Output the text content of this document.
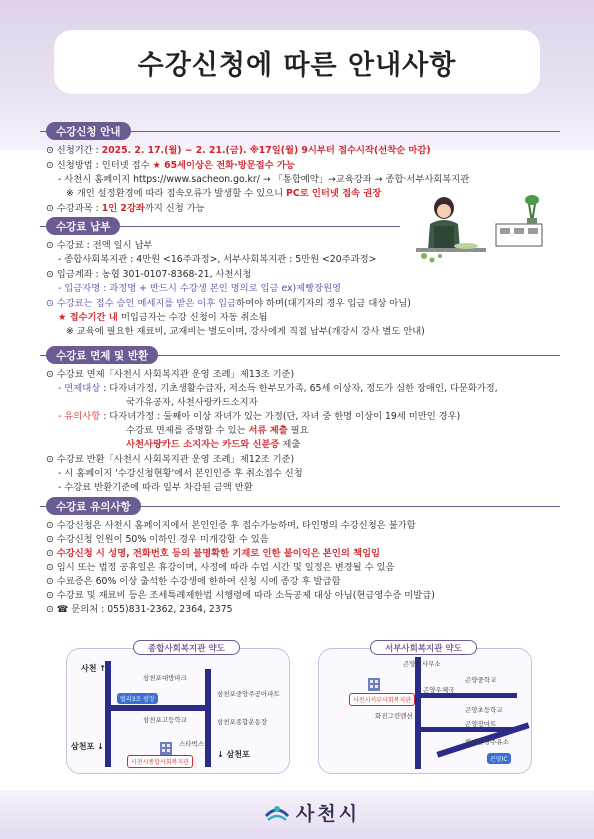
수강신청에 따른 안내사항
수강신청 안내
⊙ 신청기간 : 2025. 2. 17.(월) ~ 2. 21.(금). ※17일(월) 9시부터 접수시작(선착순 마감)
⊙ 신청방법 : 인터넷 접수 ★ 65세이상은 전화·방문접수 가능
- 사천시 홈페이지 https://www.sacheon.go.kr/ → 「통합예약」→교육강좌 → 종합·서부사회복지관
※ 개인 설정환경에 따라 접속오류가 발생할 수 있으니 PC로 인터넷 접속 권장
⊙ 수강과목 : 1인 2강좌까지 신청 가능
수강료 납부
⊙ 수강료 : 전액 일시 납부
- 종합사회복지관 : 4만원 <16주과정>, 서부사회복지관 : 5만원 <20주과정>
⊙ 입금계좌 : 농협 301-0107-8368-21, 사천시청
- 입금자명 : 과정명 + 반드시 수강생 본인 명의로 입금 ex)제빵장원영
⊙ 수강료는 접수 승인 메세지를 받은 이후 입금하여야 하며(대기자의 경우 입금 대상 아님)
★ 접수기간 내 미입금자는 수강 신청이 자동 취소됨
※ 교육에 필요한 재료비, 교재비는 별도이며, 강사에게 직접 납부(개강시 강사 별도 안내)
수강료 면제 및 반환
⊙ 수강료 면제「사천시 사회복지관 운영 조례」제13조 기준)
- 면제대상 : 다자녀가정, 기초생활수급자, 저소득 한부모가족, 65세 이상자, 정도가 심한 장애인, 다문화가정,
국가유공자, 사천사랑카드소지자
- 유의사항 : 다자녀가정 : 둘째아 이상 자녀가 있는 가정(단, 자녀 중 한명 이상이 19세 미만인 경우)
수강료 면제를 증명할 수 있는 서류 제출 필요
사천사랑카드 소지자는 카드와 신분증 제출
⊙ 수강료 반환「사천시 사회복지관 운영 조례」제12조 기준)
- 시 홈페이지 '수강신청현황'에서 본인인증 후 취소접수 신청
- 수강료 반환기준에 따라 일부 차감된 금액 반환
수강료 유의사항
⊙ 수강신청은 사천시 홈페이지에서 본인인증 후 접수가능하며, 타인명의 수강신청은 불가함
⊙ 수강신청 인원이 50% 이하인 경우 미개강할 수 있음
⊙ 수강신청 시 성명, 전화번호 등의 불명확한 기재로 인한 불이익은 본인의 책임임
⊙ 임시 또는 법정 공휴일은 휴강이며, 사정에 따라 수업 시간 및 일정은 변경될 수 있음
⊙ 수료증은 60% 이상 출석한 수강생에 한하여 신청 시에 종강 후 발급함
⊙ 수강료 및 재료비 등은 조세특례제한법 시행령에 따라 소득공제 대상 아님(현금영수증 미발급)
⊙ ☎ 문의처 : 055)831-2362, 2364, 2375
사천 ↑
삼천포 ↓
↓ 삼천포
삼천포대방파크
벌리3조 광장
삼천포고등학교
삼천포중앙주공아파트
삼천포종합운동장
스타벅스
사천시종합사회복지관
종합사회복지관 약도
곤양면사무소
곤양우체국
곤양중학교
곤양초등학교
화진그린맨션
곤양장마트
현대곤양주유소
곤양IC
사천시서부사회복지관
서부사회복지관 약도
사천시
